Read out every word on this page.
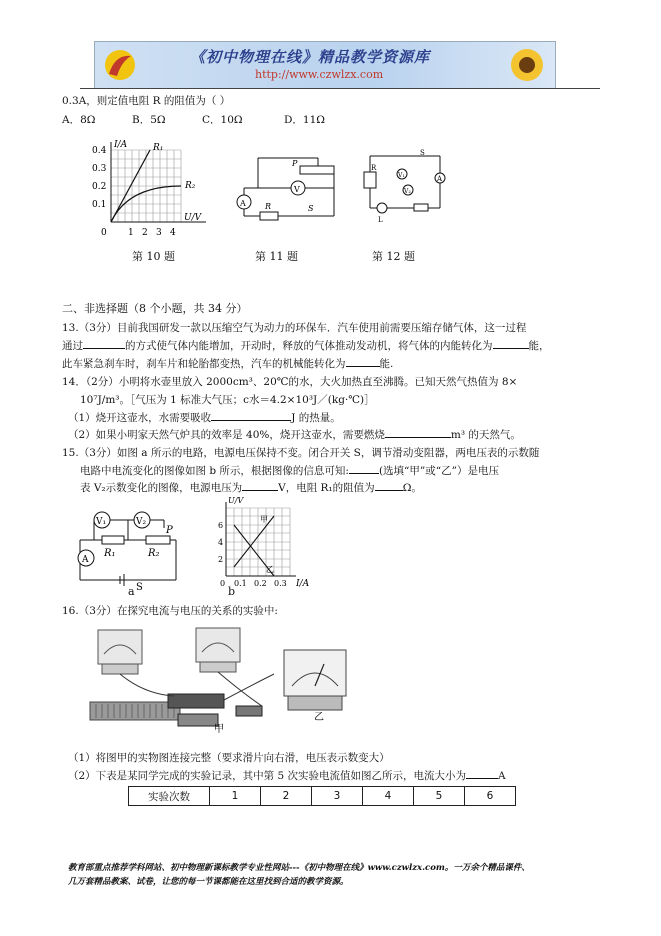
《初中物理在线》精品教学资源库
http://www.czwlzx.com
0.3A，则定值电阻 R 的阻值为（ ）
A．8Ω	B．5Ω	C．10Ω	D．11Ω
I/A
U/V
R₁
R₂
0.4
0.3
0.2
0.1
0 1 2 3 4
第 10 题
P
V
A R	S
第 11 题
S
R
V₁	A
L
V₂
第 12 题
二、非选择题（8 个小题，共 34 分）
13.（3分）目前我国研发一款以压缩空气为动力的环保车．汽车使用前需要压缩存储气体，这一过程
通过	的方式使气体内能增加，开动时，释放的气体推动发动机，将气体的内能转化为	能，
此车紧急刹车时，刹车片和轮胎都变热，汽车的机械能转化为	能.
14．（2分）小明将水壶里放入 2000cm³、20℃的水，大火加热直至沸腾。已知天然气热值为 8×
10⁷J/m³。［气压为 1 标准大气压；c水＝4.2×10³J／(kg·℃)］
（1）烧开这壶水，水需要吸收	J 的热量。
（2）如果小明家天然气炉具的效率是 40%，烧开这壶水，需要燃烧	m³ 的天然气。
15.（3分）如图 a 所示的电路，电源电压保持不变。闭合开关 S，调节滑动变阻器，两电压表的示数随
电路中电流变化的图像如图 b 所示，根据图像的信息可知:	(选填“甲”或“乙”）是电压
表 V₂示数变化的图像，电源电压为	V，电阻 R₁的阻值为	Ω。
V₁	V₂
P
A
R₁	R₂
S
a
U/V
I/A
6
4
2
0 0.1 0.2 0.3
甲
乙
b
16.（3分）在探究电流与电压的关系的实验中:
甲
乙
（1）将图甲的实物图连接完整（要求滑片向右滑，电压表示数变大）
（2）下表是某同学完成的实验记录，其中第 5 次实验电流值如图乙所示，电流大小为	A
实验次数	1	2	3	4	5	6
教育部重点推荐学科网站、初中物理新课标教学专业性网站---《初中物理在线》www.czwlzx.com。一万余个精品课件、
几万套精品教案、试卷，让您的每一节课都能在这里找到合适的教学资源。
